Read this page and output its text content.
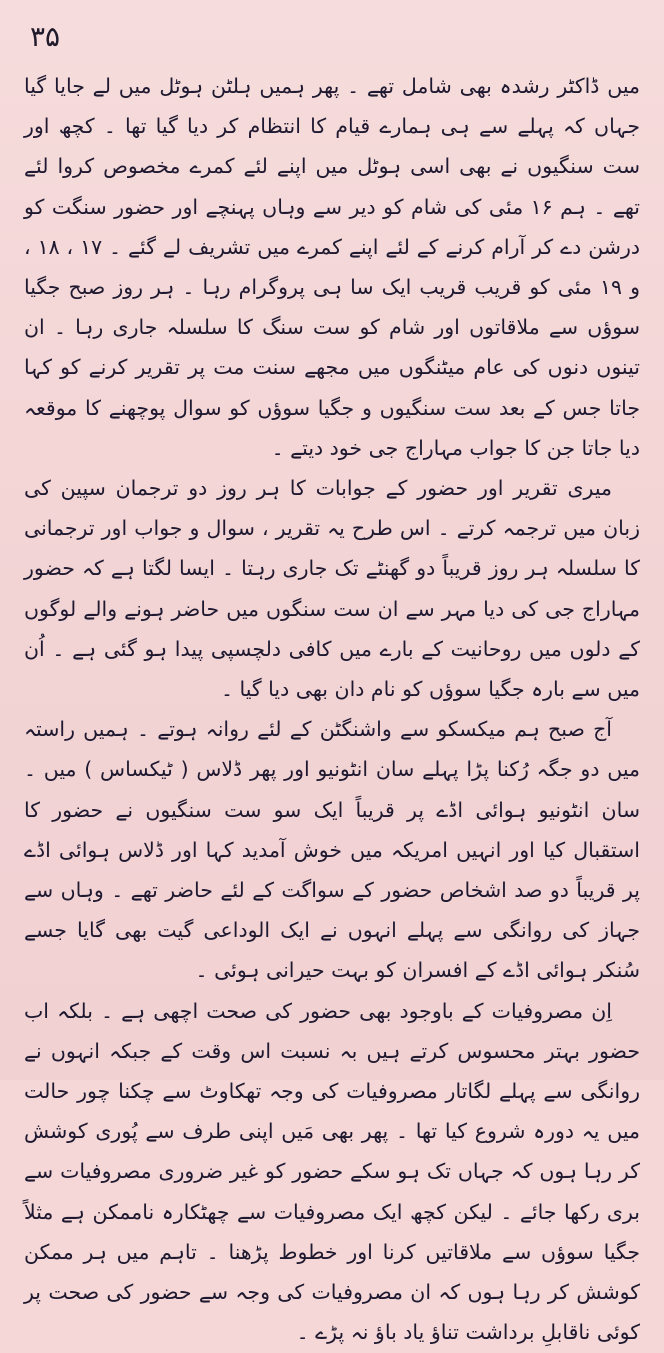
۳۵

میں ڈاکٹر رشدہ بھی شامل تھے ۔ پھر ہمیں ہلٹن ہوٹل میں لے جایا گیا جہاں کہ پہلے سے ہی ہمارے قیام کا انتظام کر دیا گیا تھا ۔ کچھ اور ست سنگیوں نے بھی اسی ہوٹل میں اپنے لئے کمرے مخصوص کروا لئے تھے ۔ ہم ۱۶ مئی کی شام کو دیر سے وہاں پہنچے اور حضور سنگت کو درشن دے کر آرام کرنے کے لئے اپنے کمرے میں تشریف لے گئے ۔ ۱۷ ، ۱۸ ، و ۱۹ مئی کو قریب قریب ایک سا ہی پروگرام رہا ۔ ہر روز صبح جگیا سوؤں سے ملاقاتوں اور شام کو ست سنگ کا سلسلہ جاری رہا ۔ ان تینوں دنوں کی عام میٹنگوں میں مجھے سنت مت پر تقریر کرنے کو کہا جاتا جس کے بعد ست سنگیوں و جگیا سوؤں کو سوال پوچھنے کا موقعہ دیا جاتا جن کا جواب مہاراج جی خود دیتے ۔

میری تقریر اور حضور کے جوابات کا ہر روز دو ترجمان سپین کی زبان میں ترجمہ کرتے ۔ اس طرح یہ تقریر ، سوال و جواب اور ترجمانی کا سلسلہ ہر روز قریباً دو گھنٹے تک جاری رہتا ۔ ایسا لگتا ہے کہ حضور مہاراج جی کی دیا مہر سے ان ست سنگوں میں حاضر ہونے والے لوگوں کے دلوں میں روحانیت کے بارے میں کافی دلچسپی پیدا ہو گئی ہے ۔ اُن میں سے بارہ جگیا سوؤں کو نام دان بھی دیا گیا ۔

آج صبح ہم میکسکو سے واشنگٹن کے لئے روانہ ہوتے ۔ ہمیں راستہ میں دو جگہ رُکنا پڑا پہلے سان انٹونیو اور پھر ڈلاس ( ٹیکساس ) میں ۔ سان انٹونیو ہوائی اڈے پر قریباً ایک سو ست سنگیوں نے حضور کا استقبال کیا اور انہیں امریکہ میں خوش آمدید کہا اور ڈلاس ہوائی اڈے پر قریباً دو صد اشخاص حضور کے سواگت کے لئے حاضر تھے ۔ وہاں سے جہاز کی روانگی سے پہلے انہوں نے ایک الوداعی گیت بھی گایا جسے سُنکر ہوائی اڈے کے افسران کو بہت حیرانی ہوئی ۔

اِن مصروفیات کے باوجود بھی حضور کی صحت اچھی ہے ۔ بلکہ اب حضور بہتر محسوس کرتے ہیں بہ نسبت اس وقت کے جبکہ انہوں نے روانگی سے پہلے لگاتار مصروفیات کی وجہ تھکاوٹ سے چکنا چور حالت میں یہ دورہ شروع کیا تھا ۔ پھر بھی مَیں اپنی طرف سے پُوری کوشش کر رہا ہوں کہ جہاں تک ہو سکے حضور کو غیر ضروری مصروفیات سے بری رکھا جائے ۔ لیکن کچھ ایک مصروفیات سے چھٹکارہ ناممکن ہے مثلاً جگیا سوؤں سے ملاقاتیں کرنا اور خطوط پڑھنا ۔ تاہم میں ہر ممکن کوشش کر رہا ہوں کہ ان مصروفیات کی وجہ سے حضور کی صحت پر کوئی ناقابلِ برداشت تناؤ یاد باؤ نہ پڑے ۔
